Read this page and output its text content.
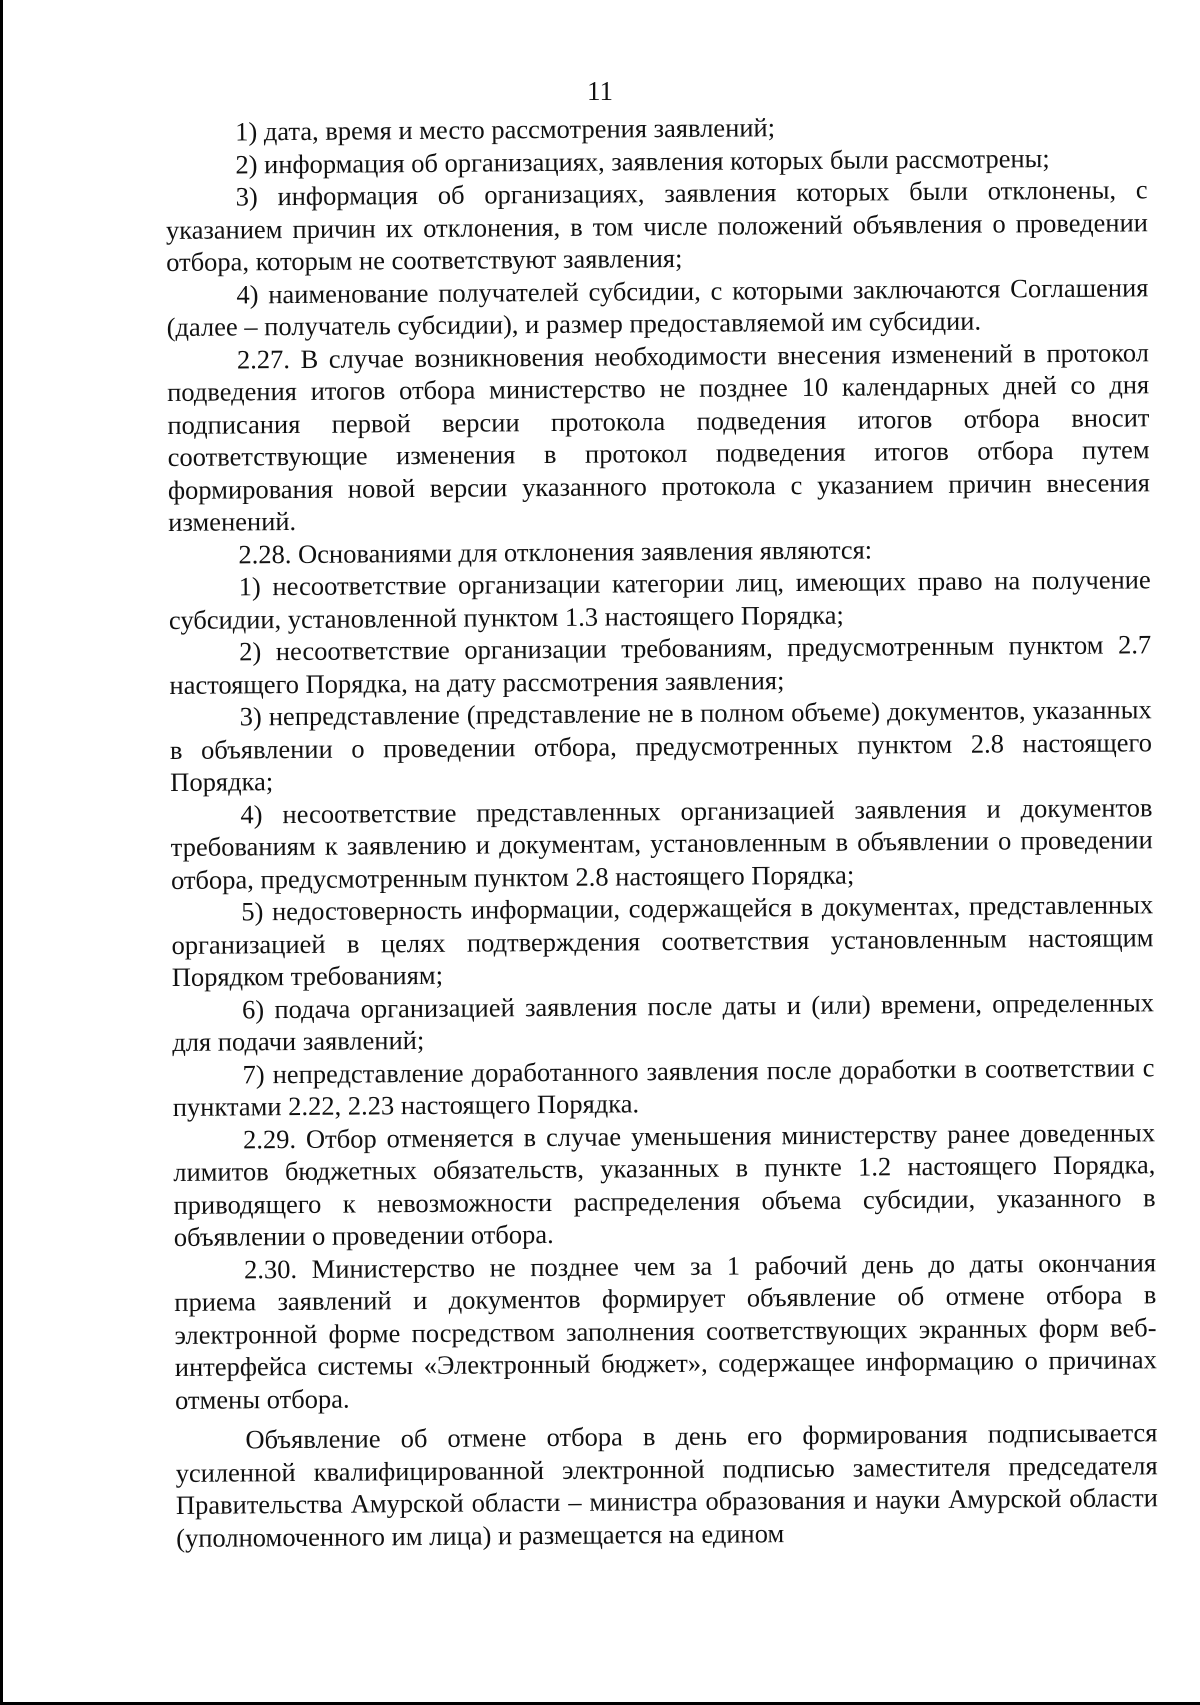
11

1) дата, время и место рассмотрения заявлений;

2) информация об организациях, заявления которых были рассмотрены;

3) информация об организациях, заявления которых были отклонены, с указанием причин их отклонения, в том числе положений объявления о проведении отбора, которым не соответствуют заявления;

4) наименование получателей субсидии, с которыми заключаются Соглашения (далее – получатель субсидии), и размер предоставляемой им субсидии.

2.27. В случае возникновения необходимости внесения изменений в протокол подведения итогов отбора министерство не позднее 10 календарных дней со дня подписания первой версии протокола подведения итогов отбора вносит соответствующие изменения в протокол подведения итогов отбора путем формирования новой версии указанного протокола с указанием причин внесения изменений.

2.28. Основаниями для отклонения заявления являются:

1) несоответствие организации категории лиц, имеющих право на получение субсидии, установленной пунктом 1.3 настоящего Порядка;

2) несоответствие организации требованиям, предусмотренным пунктом 2.7 настоящего Порядка, на дату рассмотрения заявления;

3) непредставление (представление не в полном объеме) документов, указанных в объявлении о проведении отбора, предусмотренных пунктом 2.8 настоящего Порядка;

4) несоответствие представленных организацией заявления и документов требованиям к заявлению и документам, установленным в объявлении о проведении отбора, предусмотренным пунктом 2.8 настоящего Порядка;

5) недостоверность информации, содержащейся в документах, представленных организацией в целях подтверждения соответствия установленным настоящим Порядком требованиям;

6) подача организацией заявления после даты и (или) времени, определенных для подачи заявлений;

7) непредставление доработанного заявления после доработки в соответствии с пунктами 2.22, 2.23 настоящего Порядка.

2.29. Отбор отменяется в случае уменьшения министерству ранее доведенных лимитов бюджетных обязательств, указанных в пункте 1.2 настоящего Порядка, приводящего к невозможности распределения объема субсидии, указанного в объявлении о проведении отбора.

2.30. Министерство не позднее чем за 1 рабочий день до даты окончания приема заявлений и документов формирует объявление об отмене отбора в электронной форме посредством заполнения соответствующих экранных форм веб-интерфейса системы «Электронный бюджет», содержащее информацию о причинах отмены отбора.

Объявление об отмене отбора в день его формирования подписывается усиленной квалифицированной электронной подписью заместителя председателя Правительства Амурской области – министра образования и науки Амурской области (уполномоченного им лица) и размещается на едином
